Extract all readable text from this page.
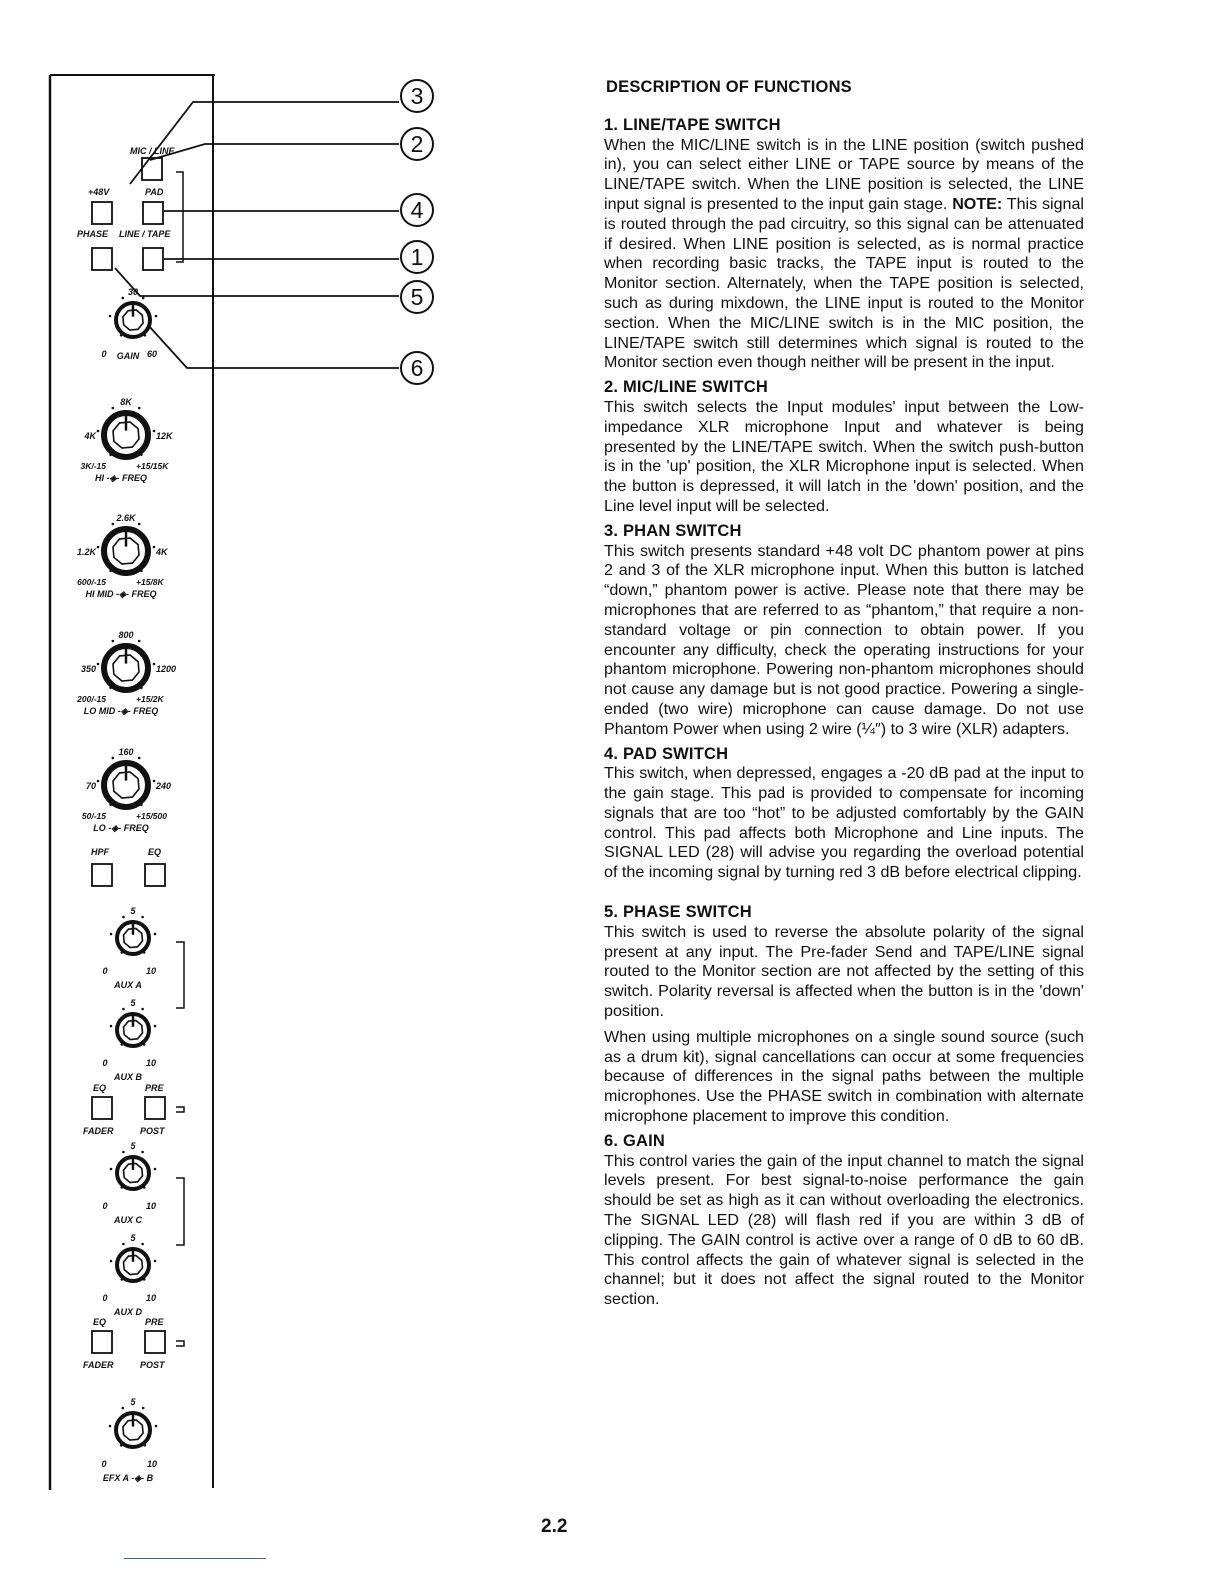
MIC / LINE
+48V	PAD
PHASE LINE / TAPE
HPF	EQ
EQ	PRE
FADER	POST
EQ	PRE
FADER	POST
30
0	60
GAIN
8K
4K	12K
3K/-15	+15/15K
HI -◈- FREQ
2.6K
1.2K	4K
600/-15	+15/8K
HI MID -◈- FREQ
800
350	1200
200/-15	+15/2K
LO MID -◈- FREQ
160
70	240
50/-15	+15/500
LO -◈- FREQ
5
0	10
AUX A
5
0	10
AUX B
5
0	10
AUX C
5
0	10
AUX D
5
0	10
EFX A -◈- B
3
2
4
1
5
6
DESCRIPTION OF FUNCTIONS
1. LINE/TAPE SWITCH
When the MIC/LINE switch is in the LINE position (switch pushed in), you can select either LINE or TAPE source by means of the LINE/TAPE switch. When the LINE position is selected, the LINE input signal is presented to the input gain stage. NOTE: This signal is routed through the pad circuitry, so this signal can be attenuated if desired. When LINE position is selected, as is normal practice when recording basic tracks, the TAPE input is routed to the Monitor section. Alternately, when the TAPE position is selected, such as during mixdown, the LINE input is routed to the Monitor section. When the MIC/LINE switch is in the MIC position, the LINE/TAPE switch still determines which signal is routed to the Monitor section even though neither will be present in the input.
2. MIC/LINE SWITCH
This switch selects the Input modules' input between the Low-impedance XLR microphone Input and whatever is being presented by the LINE/TAPE switch. When the switch push-button is in the 'up' position, the XLR Microphone input is selected. When the button is depressed, it will latch in the 'down' position, and the Line level input will be selected.
3. PHAN SWITCH
This switch presents standard +48 volt DC phantom power at pins 2 and 3 of the XLR microphone input. When this button is latched “down,” phantom power is active. Please note that there may be microphones that are referred to as “phantom,” that require a non-standard voltage or pin connection to obtain power. If you encounter any difficulty, check the operating instructions for your phantom microphone. Powering non-phantom microphones should not cause any damage but is not good practice. Powering a single-ended (two wire) microphone can cause damage. Do not use Phantom Power when using 2 wire (¼″) to 3 wire (XLR) adapters.
4. PAD SWITCH
This switch, when depressed, engages a -20 dB pad at the input to the gain stage. This pad is provided to compensate for incoming signals that are too “hot” to be adjusted comfortably by the GAIN control. This pad affects both Microphone and Line inputs. The SIGNAL LED (28) will advise you regarding the overload potential of the incoming signal by turning red 3 dB before electrical clipping.
5. PHASE SWITCH
This switch is used to reverse the absolute polarity of the signal present at any input. The Pre-fader Send and TAPE/LINE signal routed to the Monitor section are not affected by the setting of this switch. Polarity reversal is affected when the button is in the 'down' position.
When using multiple microphones on a single sound source (such as a drum kit), signal cancellations can occur at some frequencies because of differences in the signal paths between the multiple microphones. Use the PHASE switch in combination with alternate microphone placement to improve this condition.
6. GAIN
This control varies the gain of the input channel to match the signal levels present. For best signal-to-noise performance the gain should be set as high as it can without overloading the electronics. The SIGNAL LED (28) will flash red if you are within 3 dB of clipping. The GAIN control is active over a range of 0 dB to 60 dB. This control affects the gain of whatever signal is selected in the channel; but it does not affect the signal routed to the Monitor section.
2.2
